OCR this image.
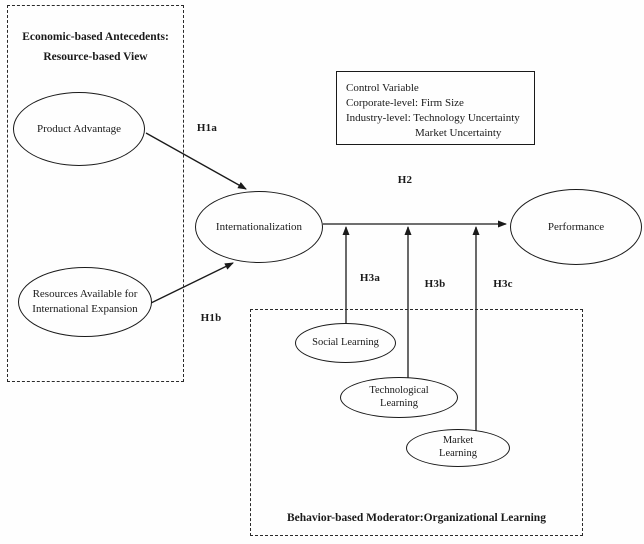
Economic-based Antecedents:
Resource-based View
Behavior-based Moderator:Organizational Learning
Control Variable
Corporate-level: Firm Size
Industry-level: Technology Uncertainty
Market Uncertainty
Product Advantage
Resources Available for International Expansion
Internationalization	Performance
Social Learning
Technological Learning
Market Learning
H1a
H1b
H2
H3a	H3b	H3c
